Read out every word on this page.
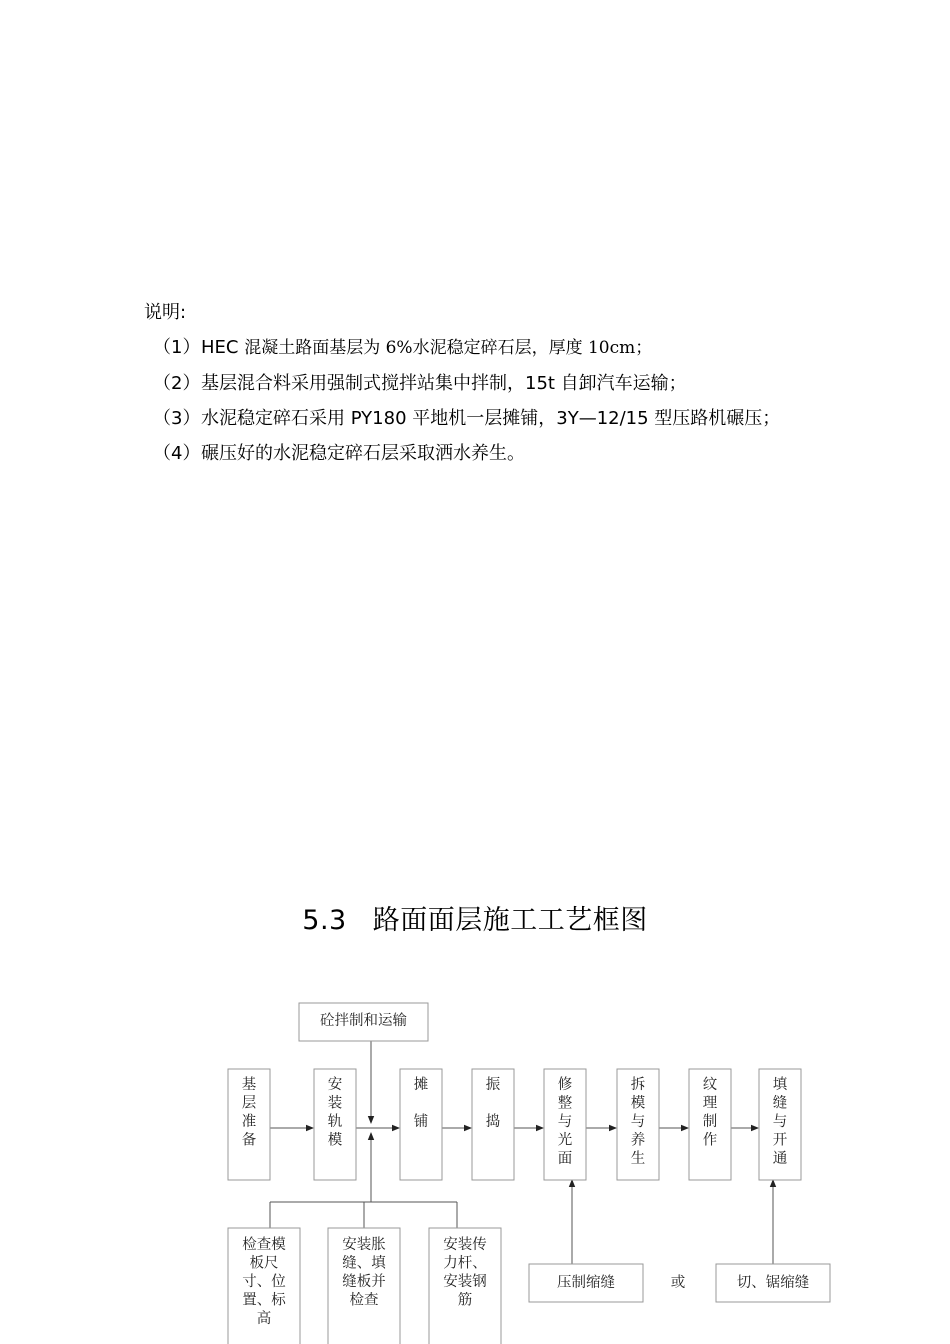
说明:
（1） HEC 混凝土路面基层为 6%水泥稳定碎石层，厚度 10cm；
（2） 基层混合料采用强制式搅拌站集中拌制，15t 自卸汽车运输；
（3） 水泥稳定碎石采用 PY180 平地机一层摊铺，3Y—12/15 型压路机碾压；
（4） 碾压好的水泥稳定碎石层采取洒水养生。
5.3 路面面层施工工艺框图
砼拌制和运输
基
层
准
备
安
装
轨
模
摊
铺
振
捣
修
整
与
光
面
拆
模
与
养
生
纹
理
制
作
填
缝
与
开
通
检查模
板尺
寸、位
置、标
高
安装胀
缝、填
缝板并
检查
安装传
力杆、
安装钢
筋
压制缩缝	或	切、锯缩缝
